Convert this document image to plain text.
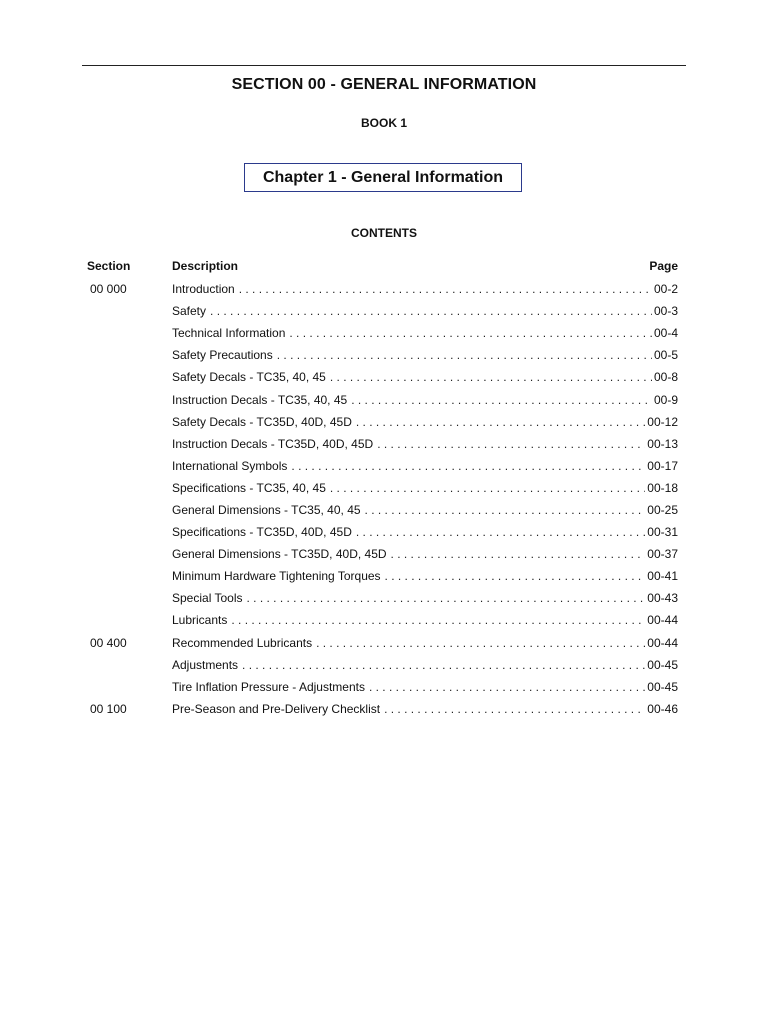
SECTION 00 - GENERAL INFORMATION
BOOK 1
Chapter 1 - General Information
CONTENTS
Section	Description	Page
00 000	Introduction . . .	00-2
Safety . . .	00-3
Technical Information . . .	00-4
Safety Precautions . . .	00-5
Safety Decals - TC35, 40, 45 . . .	00-8
Instruction Decals - TC35, 40, 45 . . .	00-9
Safety Decals - TC35D, 40D, 45D . . .	00-12
Instruction Decals - TC35D, 40D, 45D . . .	00-13
International Symbols . . .	00-17
Specifications - TC35, 40, 45 . . .	00-18
General Dimensions - TC35, 40, 45 . . .	00-25
Specifications - TC35D, 40D, 45D . . .	00-31
General Dimensions - TC35D, 40D, 45D . . .	00-37
Minimum Hardware Tightening Torques . . .	00-41
Special Tools . . .	00-43
Lubricants . . .	00-44
00 400	Recommended Lubricants . . .	00-44
Adjustments . . .	00-45
Tire Inflation Pressure - Adjustments . . .	00-45
00 100	Pre-Season and Pre-Delivery Checklist . . .	00-46
